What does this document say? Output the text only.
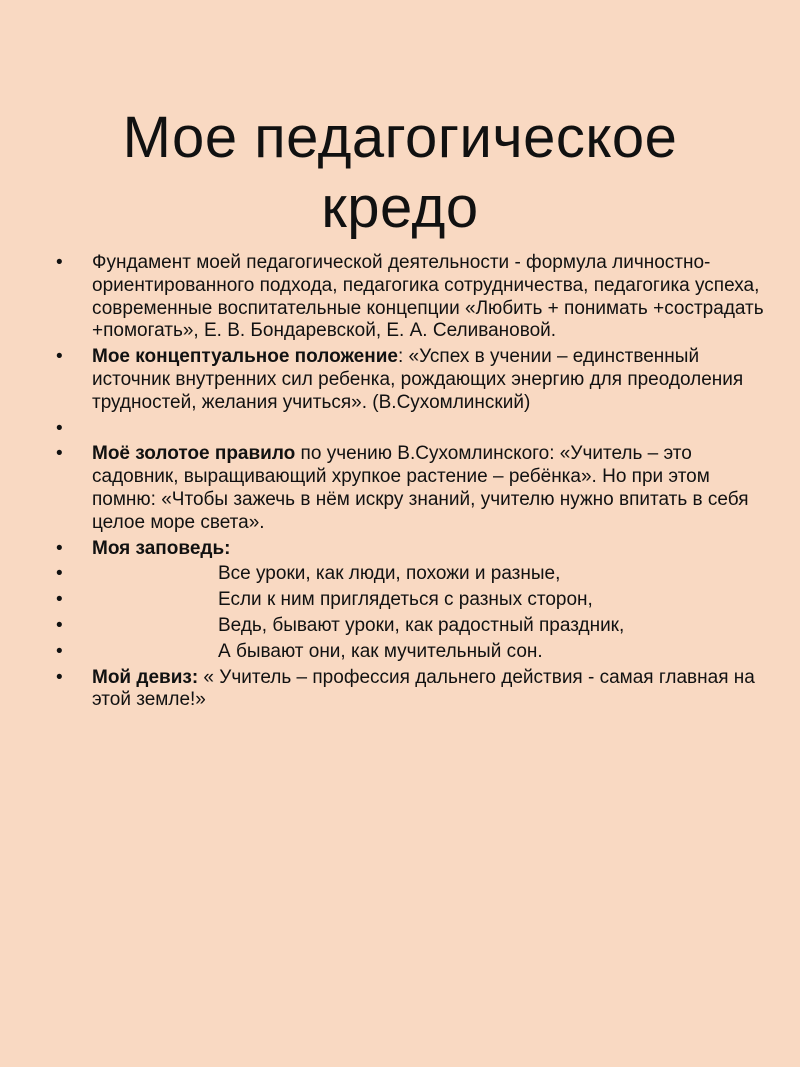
Мое педагогическое
кредо
• Фундамент моей педагогической деятельности - формула личностно- ориентированного подхода, педагогика сотрудничества, педагогика успеха, современные воспитательные концепции «Любить + понимать +сострадать +помогать», Е. В. Бондаревской, Е. А. Селивановой.
• Мое концептуальное положение: «Успех в учении – единственный источник внутренних сил ребенка, рождающих энергию для преодоления трудностей, желания учиться». (В.Сухомлинский)
•
• Моё золотое правило по учению В.Сухомлинского: «Учитель – это садовник, выращивающий хрупкое растение – ребёнка». Но при этом помню: «Чтобы зажечь в нём искру знаний, учителю нужно впитать в себя целое море света».
• Моя заповедь:
•	Все уроки, как люди, похожи и разные,
•	Если к ним приглядеться с разных сторон,
•	Ведь, бывают уроки, как радостный праздник,
•	А бывают они, как мучительный сон.
• Мой девиз: « Учитель – профессия дальнего действия - самая главная на этой земле!»
